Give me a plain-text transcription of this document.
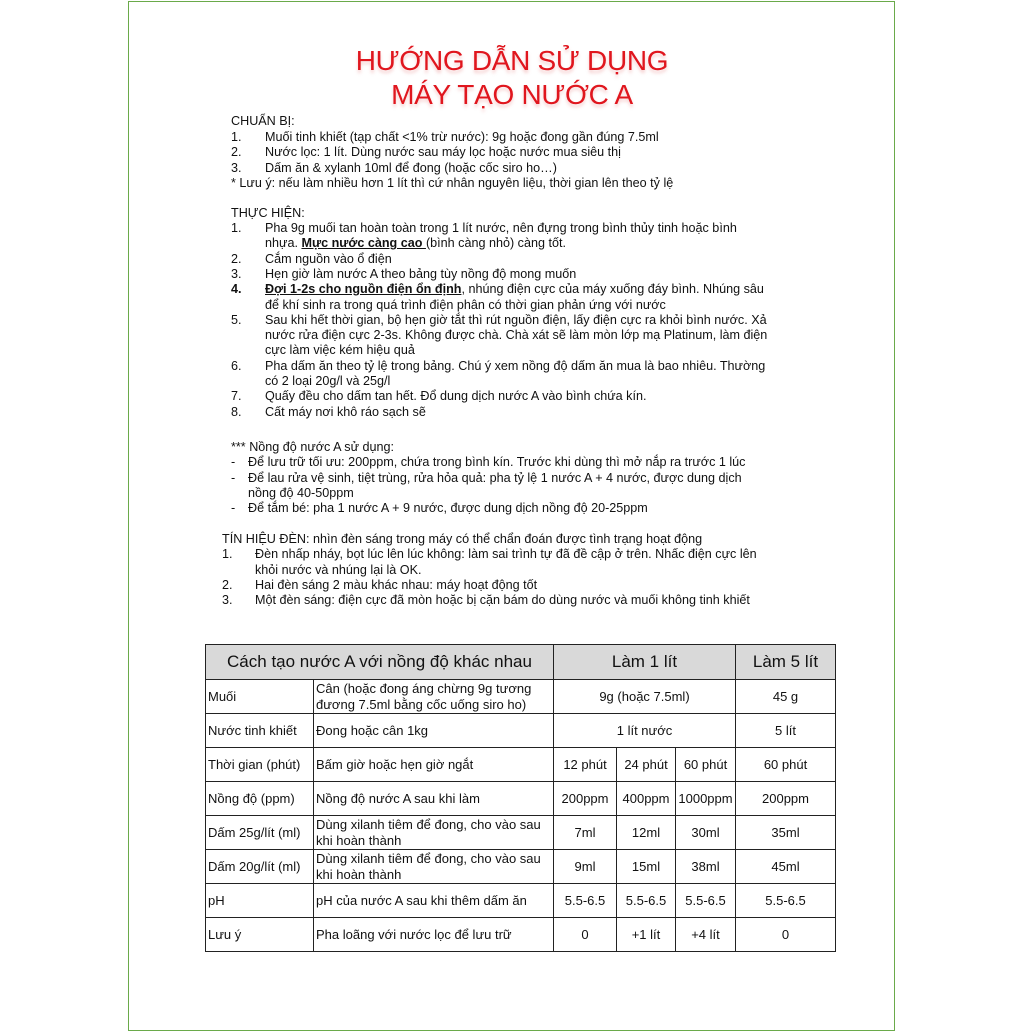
HƯỚNG DẪN SỬ DỤNG
MÁY TẠO NƯỚC A
CHUẨN BỊ:
1. Muối tinh khiết (tạp chất <1% trừ nước): 9g hoặc đong gần đúng 7.5ml
2. Nước lọc: 1 lít. Dùng nước sau máy lọc hoặc nước mua siêu thị
3. Dấm ăn & xylanh 10ml để đong (hoặc cốc siro ho…)
* Lưu ý: nếu làm nhiều hơn 1 lít thì cứ nhân nguyên liệu, thời gian lên theo tỷ lệ
THỰC HIỆN:
1. Pha 9g muối tan hoàn toàn trong 1 lít nước, nên đựng trong bình thủy tinh hoặc bình
nhựa. Mực nước càng cao (bình càng nhỏ) càng tốt.
2. Cắm nguồn vào ổ điện
3. Hẹn giờ làm nước A theo bảng tùy nồng độ mong muốn
4. Đợi 1-2s cho nguồn điện ổn định, nhúng điện cực của máy xuống đáy bình. Nhúng sâu
để khí sinh ra trong quá trình điện phân có thời gian phản ứng với nước
5. Sau khi hết thời gian, bộ hẹn giờ tắt thì rút nguồn điện, lấy điện cực ra khỏi bình nước. Xả
nước rửa điện cực 2-3s. Không được chà. Chà xát sẽ làm mòn lớp mạ Platinum, làm điện
cực làm việc kém hiệu quả
6. Pha dấm ăn theo tỷ lệ trong bảng. Chú ý xem nồng độ dấm ăn mua là bao nhiêu. Thường
có 2 loại 20g/l và 25g/l
7. Quấy đều cho dấm tan hết. Đổ dung dịch nước A vào bình chứa kín.
8. Cất máy nơi khô ráo sạch sẽ
*** Nồng độ nước A sử dụng:
- Để lưu trữ tối ưu: 200ppm, chứa trong bình kín. Trước khi dùng thì mở nắp ra trước 1 lúc
- Để lau rửa vệ sinh, tiệt trùng, rửa hỏa quả: pha tỷ lệ 1 nước A + 4 nước, được dung dịch
nồng độ 40-50ppm
- Để tắm bé: pha 1 nước A + 9 nước, được dung dịch nồng độ 20-25ppm
TÍN HIỆU ĐÈN: nhìn đèn sáng trong máy có thể chẩn đoán được tình trạng hoạt động
1. Đèn nhấp nháy, bọt lúc lên lúc không: làm sai trình tự đã đề cập ở trên. Nhấc điện cực lên
khỏi nước và nhúng lại là OK.
2. Hai đèn sáng 2 màu khác nhau: máy hoạt động tốt
3. Một đèn sáng: điện cực đã mòn hoặc bị cặn bám do dùng nước và muối không tinh khiết
Cách tạo nước A với nồng độ khác nhau		Làm 1 lít			Làm 5 lít
Muối	Cân (hoặc đong áng chừng 9g tương đương 7.5ml bằng cốc uống siro ho)	9g (hoặc 7.5ml)			45 g
Nước tinh khiết	Đong hoặc cân 1kg	1 lít nước			5 lít
Thời gian (phút)	Bấm giờ hoặc hẹn giờ ngắt	12 phút	24 phút	60 phút	60 phút
Nồng độ (ppm)	Nồng độ nước A sau khi làm	200ppm	400ppm	1000ppm	200ppm
Dấm 25g/lít (ml)	Dùng xilanh tiêm để đong, cho vào sau khi hoàn thành	7ml	12ml	30ml	35ml
Dấm 20g/lít (ml)	Dùng xilanh tiêm để đong, cho vào sau khi hoàn thành	9ml	15ml	38ml	45ml
pH	pH của nước A sau khi thêm dấm ăn	5.5-6.5	5.5-6.5	5.5-6.5	5.5-6.5
Lưu ý	Pha loãng với nước lọc để lưu trữ	0	+1 lít	+4 lít	0
